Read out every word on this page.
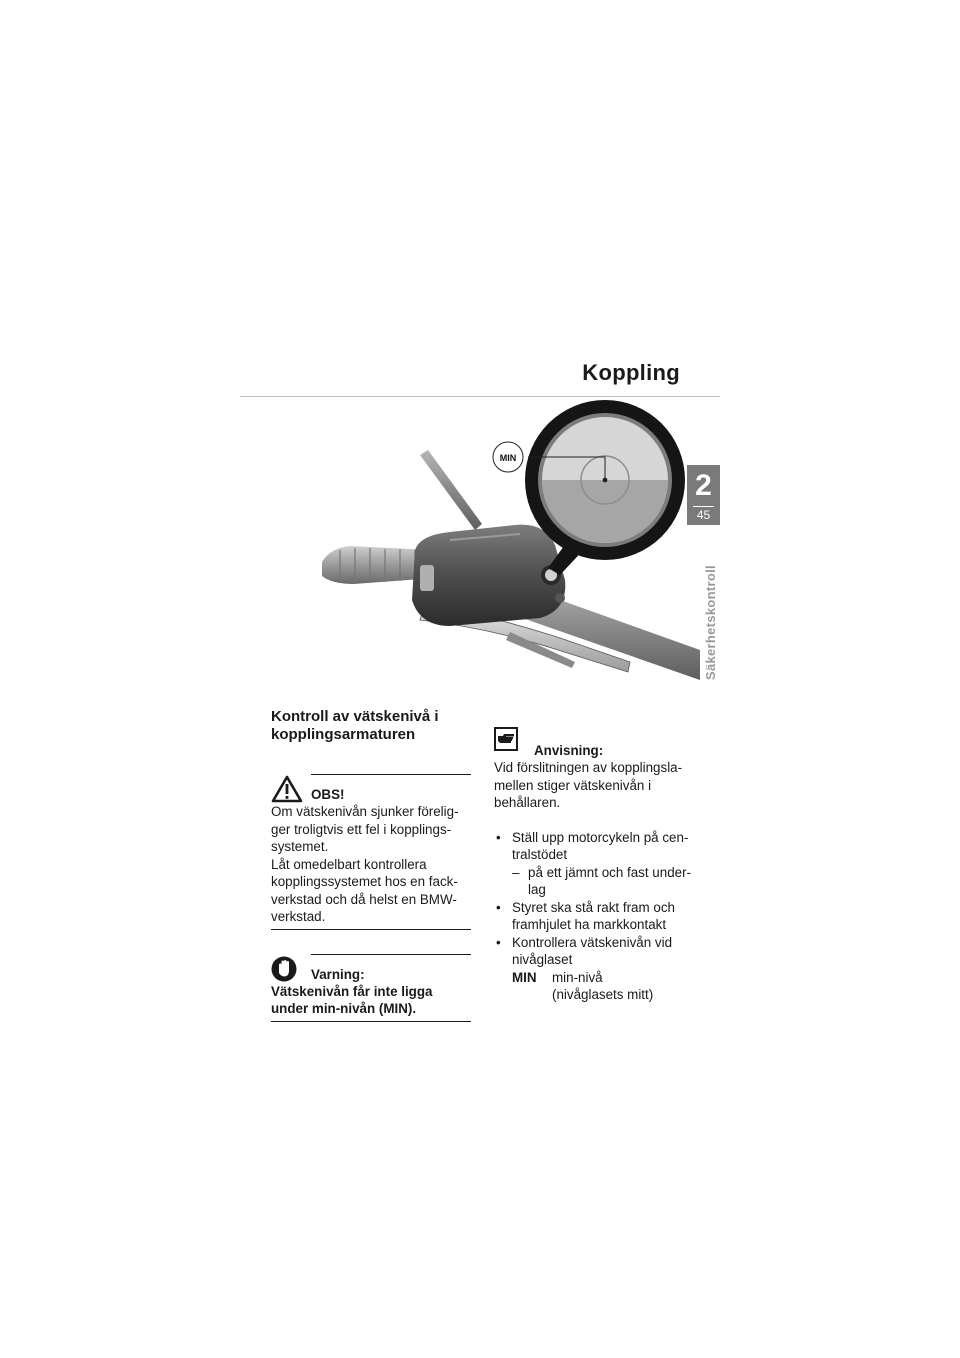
Koppling
2
45
Säkerhetskontroll
MIN
Kontroll av vätskenivå i
kopplingsarmaturen
OBS!

Om vätskenivån sjunker förelig-
ger troligtvis ett fel i kopplings-
systemet.
Låt omedelbart kontrollera
kopplingssystemet hos en fack-
verkstad och då helst en BMW-
verkstad.

Varning:

Vätskenivån får inte ligga
under min-nivån (MIN).

Anvisning:

Vid förslitningen av kopplingsla-
mellen stiger vätskenivån i
behållaren.

• Ställ upp motorcykeln på cen-
tralstödet
– på ett jämnt och fast under-
lag
• Styret ska stå rakt fram och
framhjulet ha markkontakt
• Kontrollera vätskenivån vid
nivåglaset
MIN min-nivå
(nivåglasets mitt)
